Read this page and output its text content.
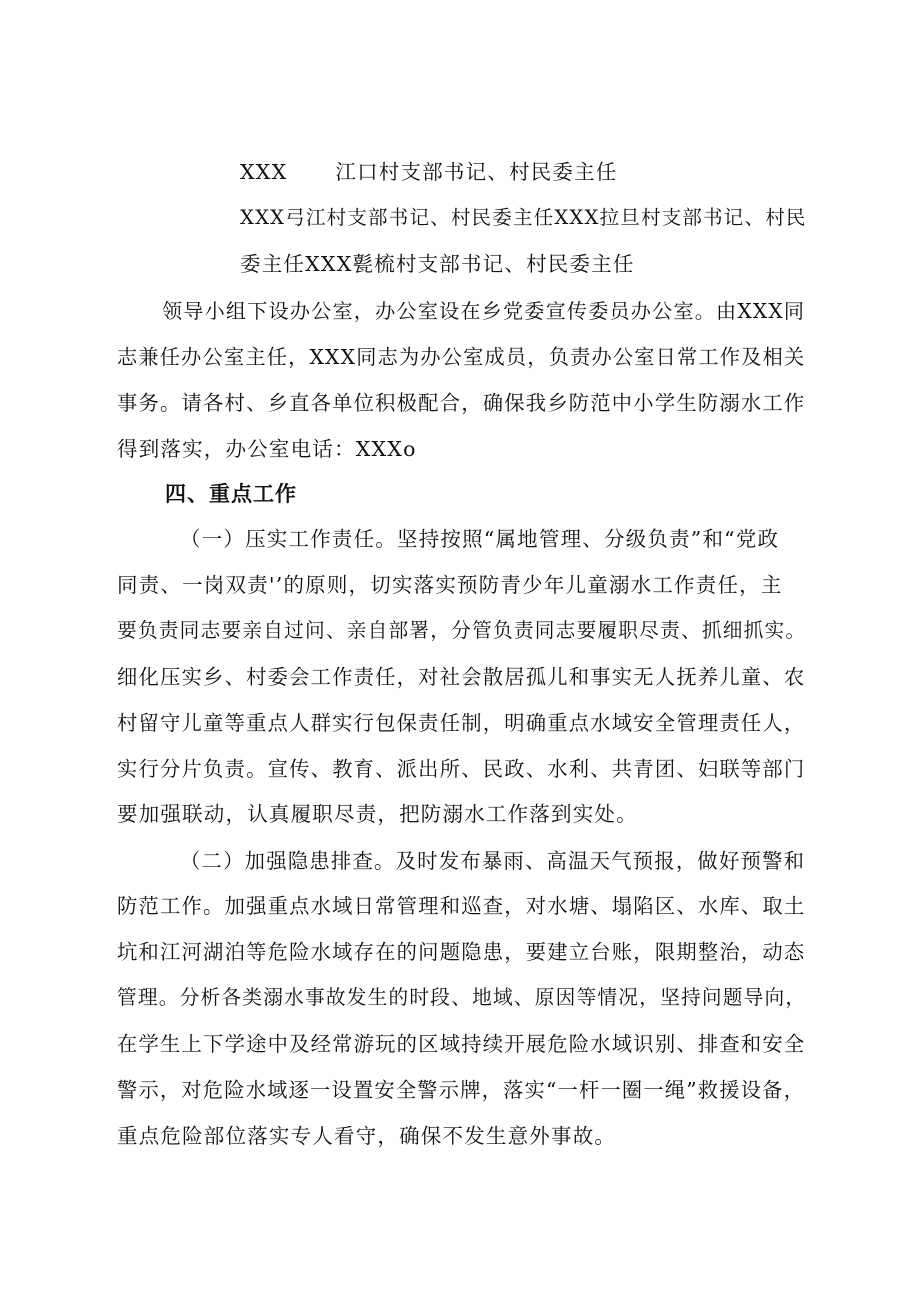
XXX 江口村支部书记、村民委主任
XXX弓江村支部书记、村民委主任XXX拉旦村支部书记、村民
委主任XXX甏梳村支部书记、村民委主任
领导小组下设办公室，办公室设在乡党委宣传委员办公室。由XXX同
志兼任办公室主任，XXX同志为办公室成员，负责办公室日常工作及相关
事务。请各村、乡直各单位积极配合，确保我乡防范中小学生防溺水工作
得到落实，办公室电话：XXXo
四、重点工作
（一）压实工作责任。坚持按照“属地管理、分级负责”和“党政
同责、一岗双责'’的原则，切实落实预防青少年儿童溺水工作责任，主
要负责同志要亲自过问、亲自部署，分管负责同志要履职尽责、抓细抓实。
细化压实乡、村委会工作责任，对社会散居孤儿和事实无人抚养儿童、农
村留守儿童等重点人群实行包保责任制，明确重点水域安全管理责任人，
实行分片负责。宣传、教育、派出所、民政、水利、共青团、妇联等部门
要加强联动，认真履职尽责，把防溺水工作落到实处。
（二）加强隐患排查。及时发布暴雨、高温天气预报，做好预警和
防范工作。加强重点水域日常管理和巡查，对水塘、塌陷区、水库、取土
坑和江河湖泊等危险水域存在的问题隐患，要建立台账，限期整治，动态
管理。分析各类溺水事故发生的时段、地域、原因等情况，坚持问题导向，
在学生上下学途中及经常游玩的区域持续开展危险水域识别、排查和安全
警示，对危险水域逐一设置安全警示牌，落实“一杆一圈一绳”救援设备，
重点危险部位落实专人看守，确保不发生意外事故。
